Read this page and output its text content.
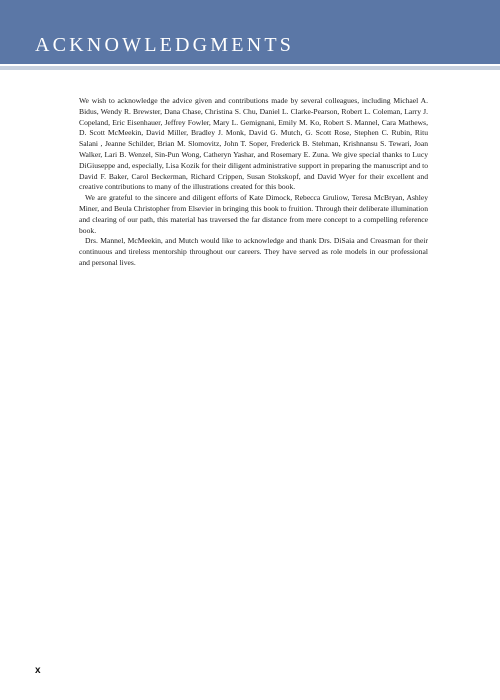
ACKNOWLEDGMENTS

We wish to acknowledge the advice given and contributions made by several colleagues, including Michael A. Bidus, Wendy R. Brewster, Dana Chase, Christina S. Chu, Daniel L. Clarke-Pearson, Robert L. Coleman, Larry J. Copeland, Eric Eisenhauer, Jeffrey Fowler, Mary L. Gemignani, Emily M. Ko, Robert S. Mannel, Cara Mathews, D. Scott McMeekin, David Miller, Bradley J. Monk, David G. Mutch, G. Scott Rose, Stephen C. Rubin, Ritu Salani , Jeanne Schilder, Brian M. Slomovitz, John T. Soper, Frederick B. Stehman, Krishnansu S. Tewari, Joan Walker, Lari B. Wenzel, Sin-Pun Wong, Catheryn Yashar, and Rosemary E. Zuna. We give special thanks to Lucy DiGiuseppe and, especially, Lisa Kozik for their diligent administrative support in preparing the manuscript and to David F. Baker, Carol Beckerman, Richard Crippen, Susan Stokskopf, and David Wyer for their excellent and creative contributions to many of the illustrations created for this book.

We are grateful to the sincere and diligent efforts of Kate Dimock, Rebecca Gruliow, Teresa McBryan, Ashley Miner, and Beula Christopher from Elsevier in bringing this book to fruition. Through their deliberate illumination and clearing of our path, this material has traversed the far distance from mere concept to a compelling reference book.

Drs. Mannel, McMeekin, and Mutch would like to acknowledge and thank Drs. DiSaia and Creasman for their continuous and tireless mentorship throughout our careers. They have served as role models in our professional and personal lives.

x
